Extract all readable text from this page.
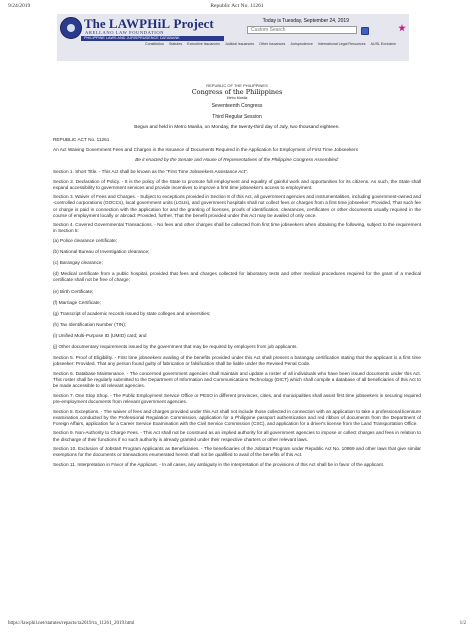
9/24/2019	Republic Act No. 11261
The LAWPHiL Project
ARELLANO LAW FOUNDATION
PHILIPPINE LAWS AND JURISPRUDENCE DATABANK
Today is Tuesday, September 24, 2019
Custom Search
Constitution Statutes Executive Issuances Judicial Issuances Other Issuances Jurisprudence International Legal Resources AUSL Exclusive
REPUBLIC OF THE PHILIPPINES
Congress of the Philippines
Metro Manila
Seventeenth Congress
Third Regular Session
Begun and held in Metro Manila, on Monday, the twenty-third day of July, two thousand eighteen.

REPUBLIC ACT No. 11261

An Act Waiving Government Fees and Charges in the Issuance of Documents Required in the Application for Employment of First Time Jobseekers

Be it enacted by the Senate and House of Representatives of the Philippine Congress Assembled:

Section 1. Short Title. - This Act shall be known as the "First Time Jobseekers Assistance Act".

Section 2. Declaration of Policy. - It is the policy of the State to promote full employment and equality of gainful work and opportunities for its citizens. As such, the State shall expand accessibility to government services and provide incentives to improve a first time jobseeker's access to employment.

Section 3. Waiver of Fees and Charges. - Subject to exceptions provided in Section 8 of this Act, all government agencies and instrumentalities, including government-owned and -controlled corporations (GOCCs), local government units (LGUs), and government hospitals shall not collect fees or charges from a first time jobseeker: Provided, That such fee or charge is paid in connection with the application for and the granting of licenses, proofs of identification, clearances, certificates or other documents usually required in the course of employment locally or abroad: Provided, further, That the benefit provided under this Act may be availed of only once.

Section 4. Covered Governmental Transactions. - No fees and other charges shall be collected from first time jobseekers when obtaining the following, subject to the requirement in Section 5:

(a) Police clearance certificate;

(b) National Bureau of Investigation clearance;

(c) Barangay clearance;

(d) Medical certificate from a public hospital, provided that fees and charges collected for laboratory tests and other medical procedures required for the grant of a medical certificate shall not be free of charge;

(e) Birth Certificate;

(f) Marriage Certificate;

(g) Transcript of academic records issued by state colleges and universities;

(h) Tax Identification Number (TIN);

(i) Unified Multi-Purpose ID (UMID) card; and

(j) Other documentary requirements issued by the government that may be required by employers from job applicants.

Section 5. Proof of Eligibility. - First time jobseekers availing of the benefits provided under this Act shall present a barangay certification stating that the applicant is a first time jobseeker: Provided, That any person found guilty of fabrication or falsification shall be liable under the Revised Penal Code.

Section 6. Database Maintenance. - The concerned government agencies shall maintain and update a roster of all individuals who have been issued documents under this Act. This roster shall be regularly submitted to the Department of Information and Communications Technology (DICT) which shall compile a database of all beneficiaries of this Act to be made accessible to all relevant agencies.

Section 7. One Stop Shop. - The Public Employment Service Office or PESO in different provinces, cities, and municipalities shall assist first time jobseekers in securing required pre-employment documents from relevant government agencies.

Section 8. Exceptions. - The waiver of fees and charges provided under this Act shall not include those collected in connection with an application to take a professional licensure examination conducted by the Professional Regulation Commission, application for a Philippine passport authentication and red ribbon of documents from the Department of Foreign Affairs, application for a Career Service Examination with the Civil Service Commission (CSC), and application for a driver's license from the Land Transportation Office.

Section 9. Non-Authority to Charge Fees. - This Act shall not be construed as an implied authority for all government agencies to impose or collect charges and fees in relation to the discharge of their functions if no such authority is already granted under their respective charters or other relevant laws.

Section 10. Exclusion of Jobstart Program Applicants as Beneficiaries. - The beneficiaries of the Jobstart Program under Republic Act No. 10869 and other laws that give similar exemptions for the documents or transactions enumerated herein shall not be qualified to avail of the benefits of this Act.

Section 11. Interpretation in Favor of the Applicant. - In all cases, any ambiguity in the interpretation of the provisions of this Act shall be in favor of the applicant.

https://lawphil.net/statutes/repacts/ra2019/ra_11261_2019.html	1/2
